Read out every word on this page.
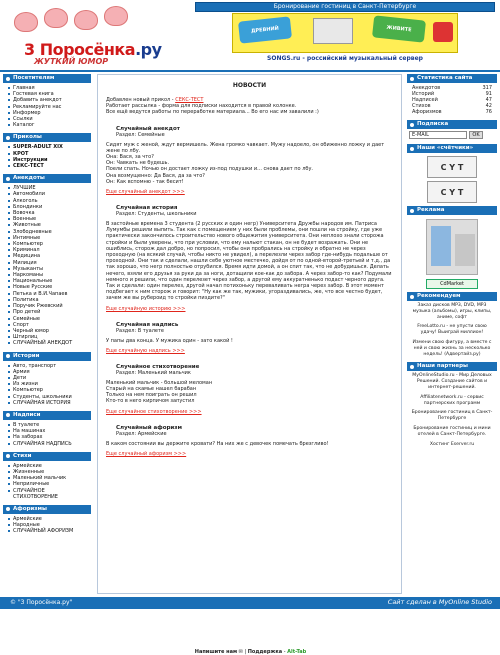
3 Поросёнка.ру
ЖУТКИЙ ЮМОР
Бронирование гостиниц в Санкт-Петербурге
ДРЕВНИЙ	ЖИВИТЕ
SONGS.ru - российский музыкальный сервер
Посетителям
Главная
Гостевая книга
Добавить анекдот
Рекламируйте нас
Информер
Ссылки
Каталог
Приколы
SUPER-ADULT XIX
КРОТ
Инструкции
СЕКС-ТЕСТ
Анекдоты
ЛУЧШИЕ
Автомобили
Алкоголь
Блондинки
Вовочка
Военные
Животные
Злободневные
Интимные
Компьютер
Криминал
Медицина
Милиция
Музыканты
Наркоманы
Национальные
Новые Русские
Петька и В.И.Чапаев
Политика
Поручик Ржевский
Про детей
Семейные
Спорт
Черный юмор
Штирлиц
СЛУЧАЙНЫЙ АНЕКДОТ
Истории
Авто, транспорт
Армия
Дети
Из жизни
Компьютер
Студенты, школьники
СЛУЧАЙНАЯ ИСТОРИЯ
Надписи
В туалете
На машинах
На заборах
СЛУЧАЙНАЯ НАДПИСЬ
Стихи
Армейские
Жизненные
Маленький мальчик
Неприличные
СЛУЧАЙНОЕ СТИХОТВОРЕНИЕ
Афоризмы
Армейские
Народные
СЛУЧАЙНЫЙ АФОРИЗМ
НОВОСТИ
Добавлен новый прикол - СЕКС-ТЕСТ
Работает рассылка - форма для подписки находится в правой колонке.
Все ещё ведутся работы по переработке материала... Во его нас им завалили :)
Случайный анекдот
Раздел: Семейные
Сидят муж с женой, ждут вермишель. Жена громко чавкает. Мужу надоело, он обиженно ложку и дает жене по лбу.
Она: Вася, за что?
Он: Чавкать не будешь.
Поели спать. Ночью он достает ложку из-под подушки и... снова дает по лбу.
Она возмущенно: Да Вася, да за что?
Он: Как вспомню - так бесит!
Еще случайный анекдот >>>
Случайная история
Раздел: Студенты, школьники
В застойные времена 3 студента (2 русских и один негр) Университета Дружбы народов им. Патриса Лумумбы решили выпить. Так как с помещением у них были проблемы, они пошли на стройку, где уже практически закончилось строительство нового общежития университета. Они неплохо знали сторожа стройки и были уверены, что при условии, что ему нальют стакан, он не будет возражать. Они не ошиблись, сторож дал добро, но попросил, чтобы они пробрались на стройку и обратно не через проходную (на всякий случай, чтобы никто не увидел), а перелезли через забор где-нибудь подальше от проходной. Они так и сделали, нашли себе уютное местечко, дойдя от по одной-второй-третьей и т.д., да так хорошо, что негр полностью отрубился. Время идти домой, а он спит так, что не добудишься. Делать нечего, взяли его друзья за руки да за ноги, дотащили кое-как до забора. А через забор-то как? Подумали немного и решили, что один перелезет через забор, а другой ему аккуратненько подаст черного друга. Так и сделали: один перелез, другой начал потихоньку переваливать негра через забор. В этот момент подбегает к ним сторож и говорит: "Ну как же так, мужики, угораздивались, же, что все честно будет, зачем же вы рубероид то стройки пиздите?"
Еще случайную историю >>>
Случайная надпись
Раздел: В туалете
У папы два конца. У мужика один - зато какой !
Еще случайную надпись >>>
Случайное стихотворение
Раздел: Маленький мальчик
Маленький мальчик - большой меломан
Старый на скамье нашел барабан
Только на нем поиграть он решил
Кто-то в него кирпичом запустил
Еще случайное стихотворение >>>
Случайный афоризм
Раздел: Армейские
В каком состоянии вы держите кровати? На них же с девочек помечать брезгливо!
Еще случайный афоризм >>>
Напишите нам ✉ | Поддержка - Alt-Tab
Статистика сайта
Анекдотов	317
Историй	91
Надписей	47
Стихов	42
Афоризмов	76
Подписка
E-MAIL	OK
Наши «счётчики»
С Ү Т
С Ү Т
Реклама
CdMarket
Рекомендуем
Заказ дисков MP3, DVD, MP3 музыка (альбомы), игры, клипы, аниме, софт
FreeLotto.ru - не упусти свою удачу! Выиграй миллион!
Измени свою фигуру, а вместе с ней и свою жизнь за несколько недель! (Адвертайз.ру)
Наши партнеры
MyOnlineStudio.ru - Мир Деловых Решений. Создание сайтов и интернет-решений.
Affiliatenetwork.ru - сервис партнерских программ
Бронирование гостиниц в Санкт-Петербурге
Бронирование гостиниц и мини отелей в Санкт-Петербурге.
Хостинг Eserver.ru
© "3 Поросёнка.ру"	Сайт сделан в MyOnline Studio
